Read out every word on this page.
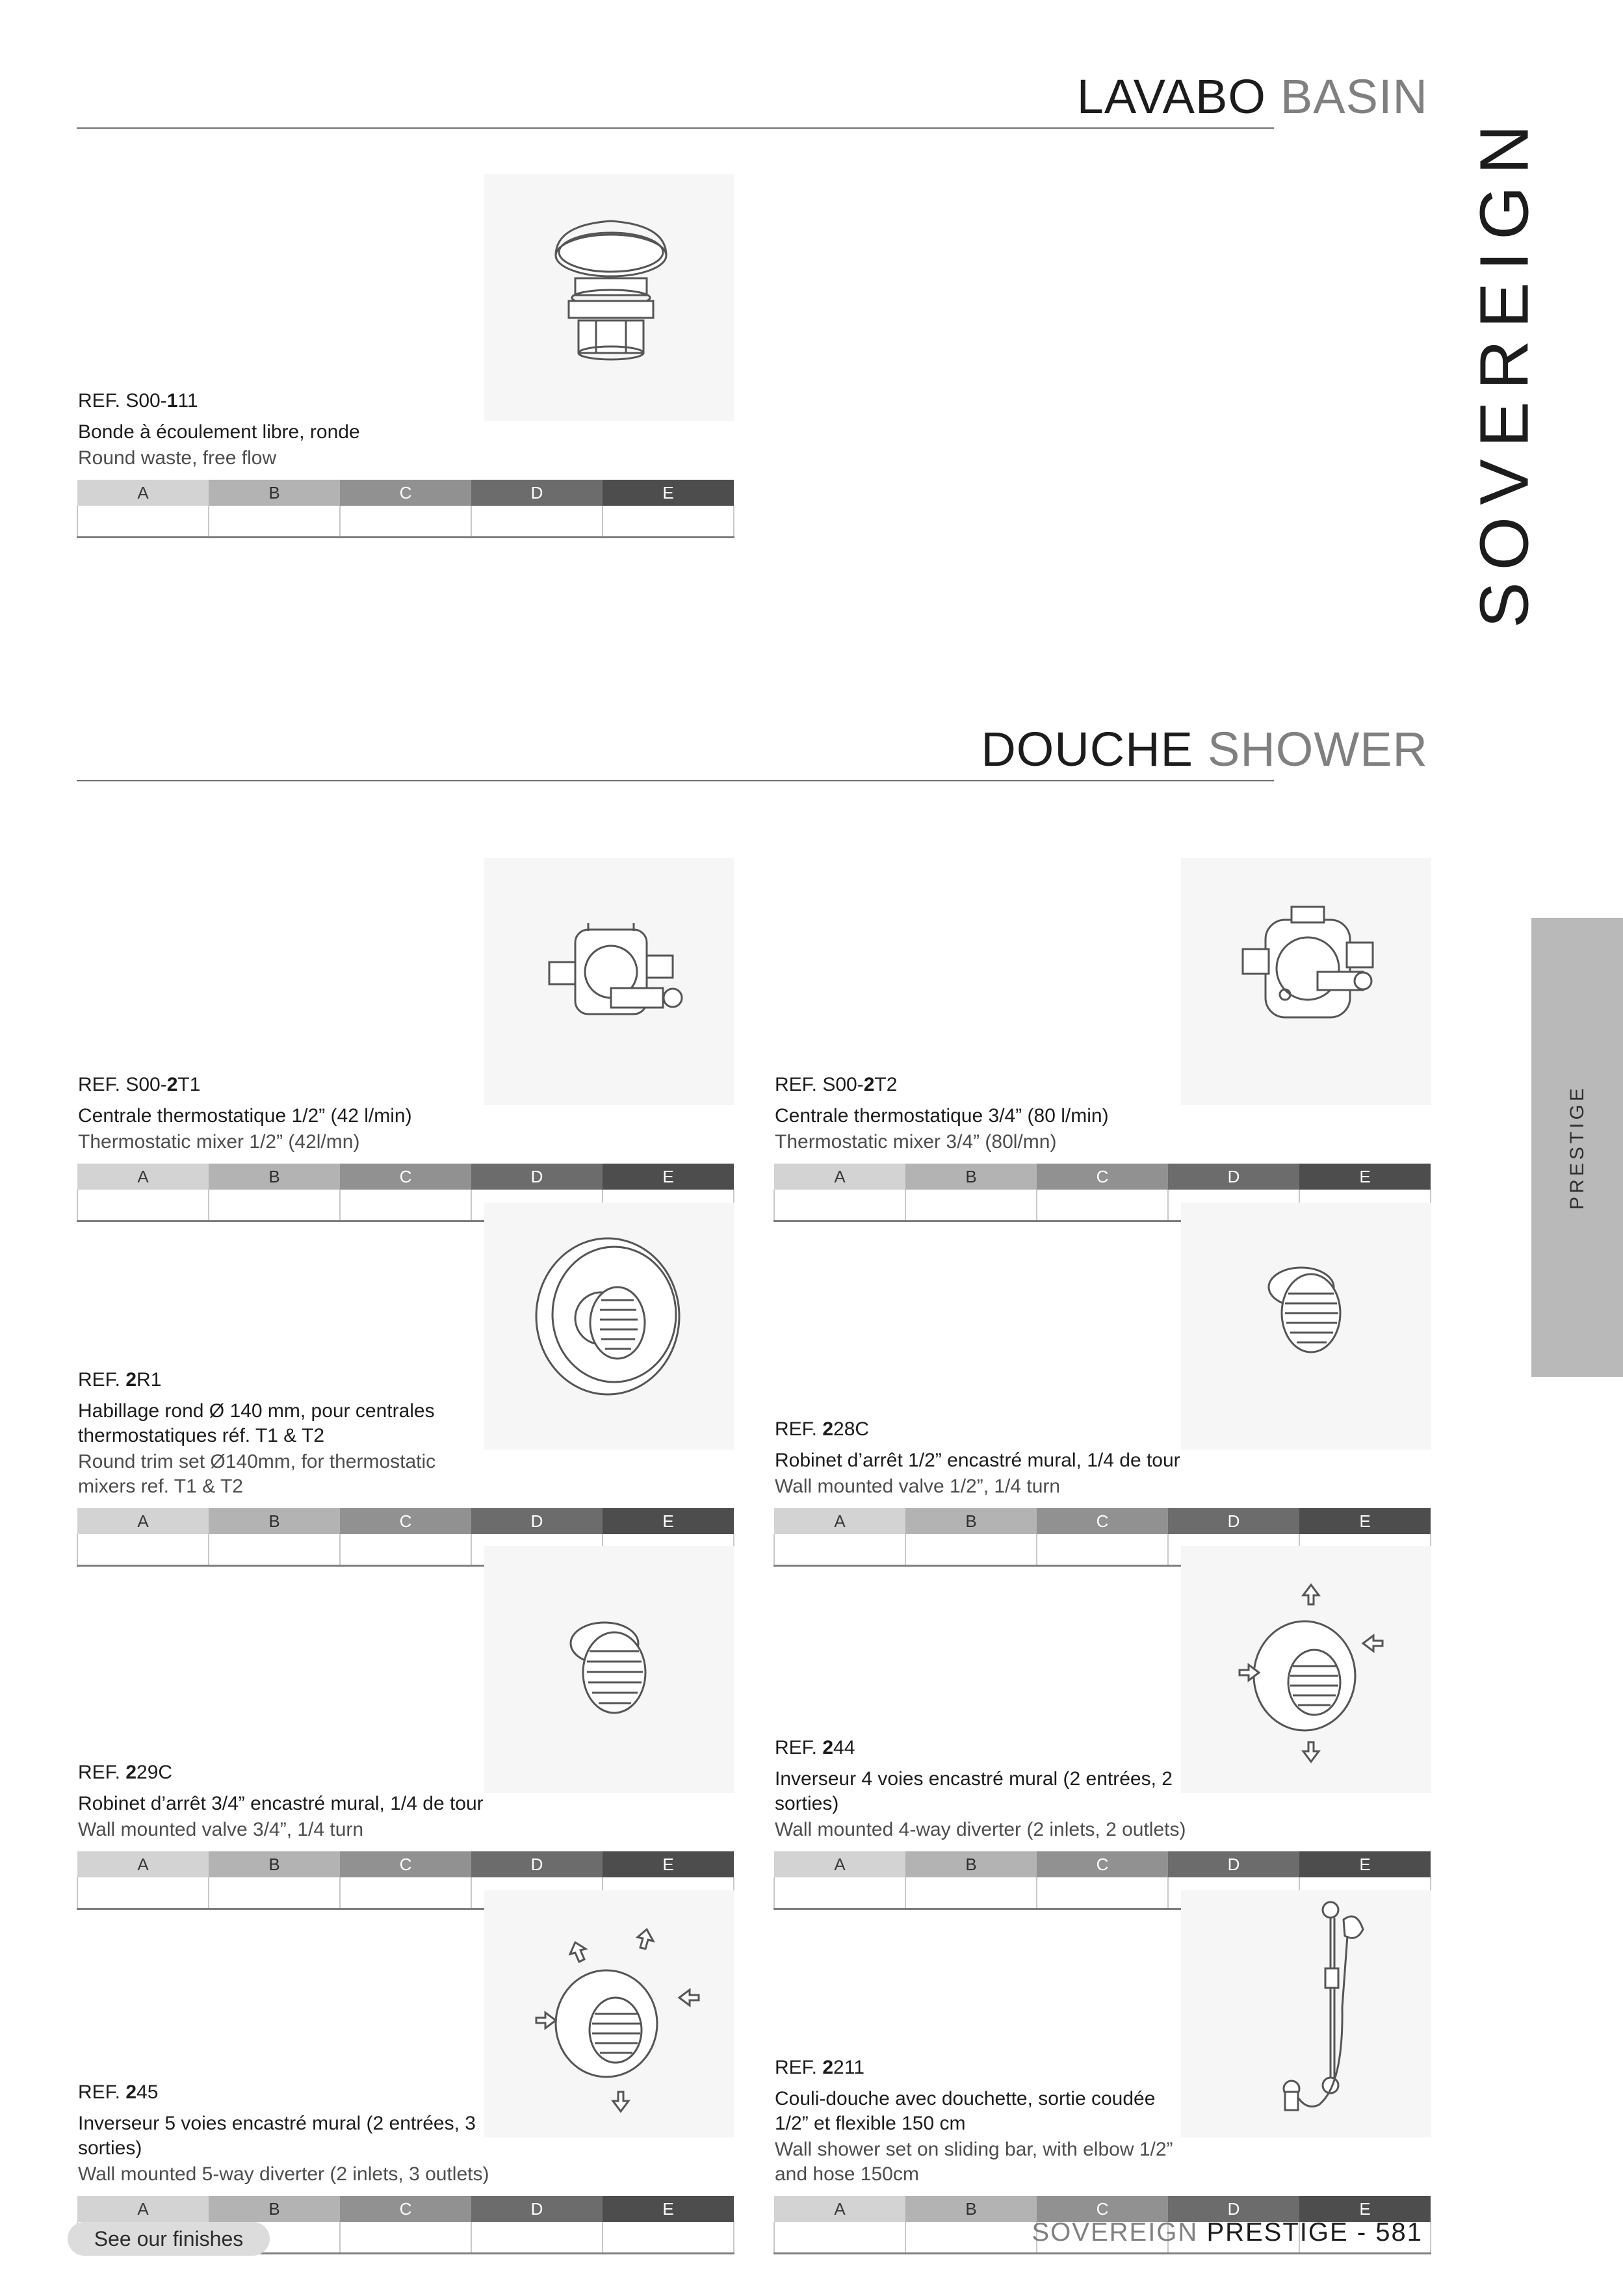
LAVABO BASIN
SOVEREIGN
REF. S00-111
Bonde à écoulement libre, ronde
Round waste, free flow
A	B	C	D	E

DOUCHE SHOWER
REF. S00-2T1
Centrale thermostatique 1/2” (42 l/min)
Thermostatic mixer 1/2” (42l/mn)
A	B	C	D	E

REF. S00-2T2
Centrale thermostatique 3/4” (80 l/min)
Thermostatic mixer 3/4” (80l/mn)
A	B	C	D	E

REF. 2R1
Habillage rond Ø 140 mm, pour centrales thermostatiques réf. T1 & T2
Round trim set Ø140mm, for thermostatic mixers ref. T1 & T2
A	B	C	D	E

REF. 228C
Robinet d’arrêt 1/2” encastré mural, 1/4 de tour
Wall mounted valve 1/2”, 1/4 turn
A	B	C	D	E

REF. 229C
Robinet d’arrêt 3/4” encastré mural, 1/4 de tour
Wall mounted valve 3/4”, 1/4 turn
A	B	C	D	E

REF. 244
Inverseur 4 voies encastré mural (2 entrées, 2 sorties)
Wall mounted 4-way diverter (2 inlets, 2 outlets)
A	B	C	D	E

REF. 245
Inverseur 5 voies encastré mural (2 entrées, 3 sorties)
Wall mounted 5-way diverter (2 inlets, 3 outlets)
A	B	C	D	E

REF. 2211
Couli-douche avec douchette, sortie coudée 1/2” et flexible 150 cm
Wall shower set on sliding bar, with elbow 1/2” and hose 150cm
A	B	C	D	E

PRESTIGE
See our finishes	SOVEREIGN PRESTIGE - 581
